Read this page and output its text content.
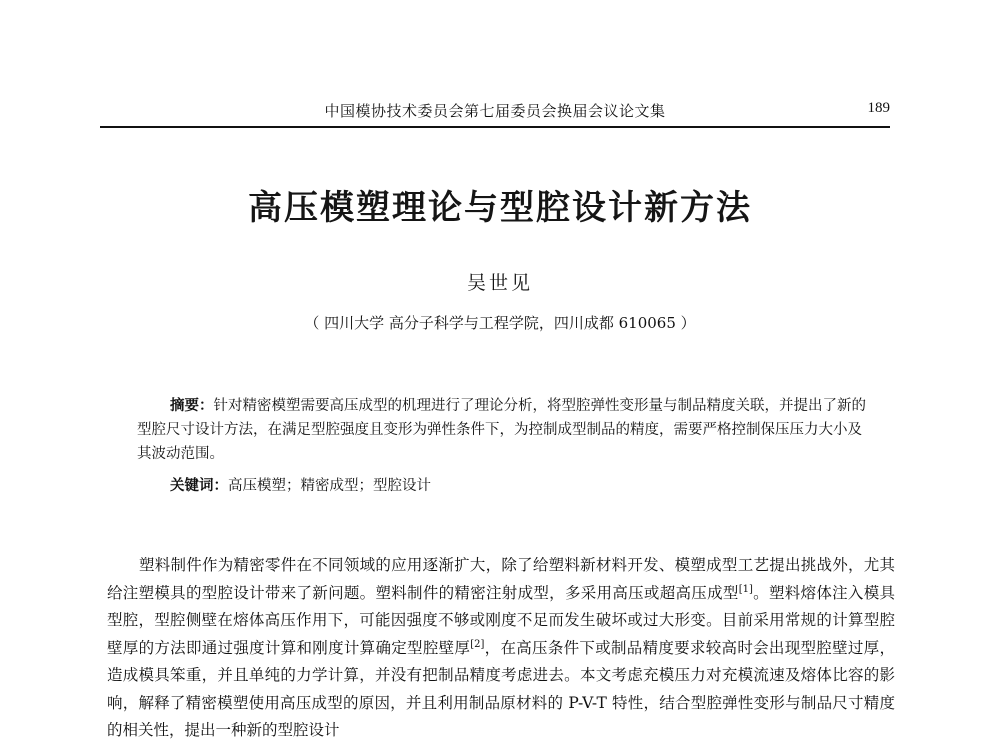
中国模协技术委员会第七届委员会换届会议论文集	189
高压模塑理论与型腔设计新方法
吴世见
（ 四川大学 高分子科学与工程学院，四川成都 610065 ）

摘要：针对精密模塑需要高压成型的机理进行了理论分析，将型腔弹性变形量与制品精度关联，并提出了新的型腔尺寸设计方法，在满足型腔强度且变形为弹性条件下，为控制成型制品的精度，需要严格控制保压压力大小及其波动范围。

关键词：高压模塑；精密成型；型腔设计

塑料制件作为精密零件在不同领域的应用逐渐扩大，除了给塑料新材料开发、模塑成型工艺提出挑战外，尤其给注塑模具的型腔设计带来了新问题。塑料制件的精密注射成型，多采用高压或超高压成型[1]。塑料熔体注入模具型腔，型腔侧壁在熔体高压作用下，可能因强度不够或刚度不足而发生破坏或过大形变。目前采用常规的计算型腔壁厚的方法即通过强度计算和刚度计算确定型腔壁厚[2]，在高压条件下或制品精度要求较高时会出现型腔壁过厚，造成模具笨重，并且单纯的力学计算，并没有把制品精度考虑进去。本文考虑充模压力对充模流速及熔体比容的影响，解释了精密模塑使用高压成型的原因，并且利用制品原材料的 P-V-T 特性，结合型腔弹性变形与制品尺寸精度的相关性，提出一种新的型腔设计
